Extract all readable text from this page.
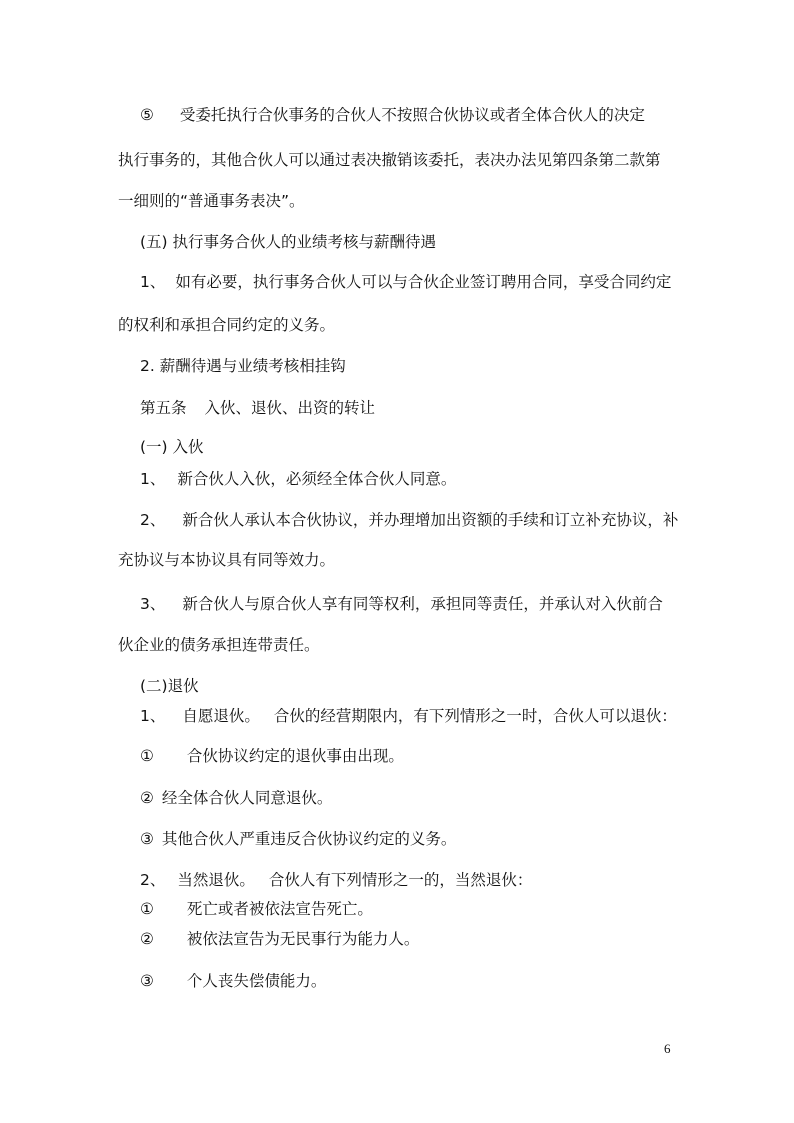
⑤ 受委托执行合伙事务的合伙人不按照合伙协议或者全体合伙人的决定
执行事务的，其他合伙人可以通过表决撤销该委托，表决办法见第四条第二款第
一细则的“普通事务表决”。
(五) 执行事务合伙人的业绩考核与薪酬待遇
1、 如有必要，执行事务合伙人可以与合伙企业签订聘用合同，享受合同约定
的权利和承担合同约定的义务。
2. 薪酬待遇与业绩考核相挂钩
第五条 入伙、退伙、出资的转让
(一) 入伙
1、 新合伙人入伙，必须经全体合伙人同意。
2、 新合伙人承认本合伙协议，并办理增加出资额的手续和订立补充协议，补
充协议与本协议具有同等效力。
3、 新合伙人与原合伙人享有同等权利，承担同等责任，并承认对入伙前合
伙企业的债务承担连带责任。
(二)退伙
1、 自愿退伙。 合伙的经营期限内，有下列情形之一时，合伙人可以退伙：
① 合伙协议约定的退伙事由出现。
② 经全体合伙人同意退伙。
③ 其他合伙人严重违反合伙协议约定的义务。
2、 当然退伙。 合伙人有下列情形之一的，当然退伙：
① 死亡或者被依法宣告死亡。
② 被依法宣告为无民事行为能力人。
③ 个人丧失偿债能力。
6
